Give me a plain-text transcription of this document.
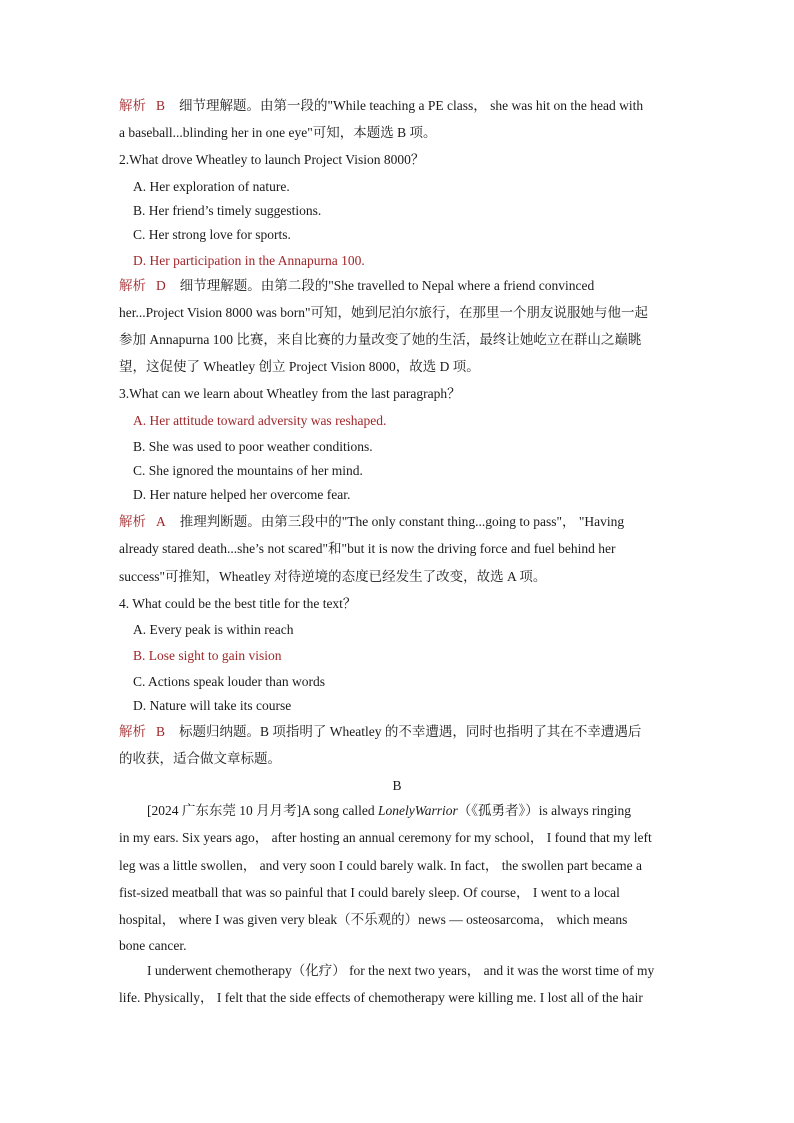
解析 B 细节理解题。由第一段的"While teaching a PE class， she was hit on the head with
a baseball...blinding her in one eye"可知，本题选 B 项。
2.What drove Wheatley to launch Project Vision 8000？
A. Her exploration of nature.
B. Her friend’s timely suggestions.
C. Her strong love for sports.
D. Her participation in the Annapurna 100.
解析 D 细节理解题。由第二段的"She travelled to Nepal where a friend convinced
her...Project Vision 8000 was born"可知，她到尼泊尔旅行，在那里一个朋友说服她与他一起
参加 Annapurna 100 比赛，来自比赛的力量改变了她的生活，最终让她屹立在群山之巅眺
望，这促使了 Wheatley 创立 Project Vision 8000，故选 D 项。
3.What can we learn about Wheatley from the last paragraph？
A. Her attitude toward adversity was reshaped.
B. She was used to poor weather conditions.
C. She ignored the mountains of her mind.
D. Her nature helped her overcome fear.
解析 A 推理判断题。由第三段中的"The only constant thing...going to pass"， "Having
already stared death...she’s not scared"和"but it is now the driving force and fuel behind her
success"可推知，Wheatley 对待逆境的态度已经发生了改变，故选 A 项。
4. What could be the best title for the text？
A. Every peak is within reach
B. Lose sight to gain vision
C. Actions speak louder than words
D. Nature will take its course
解析 B 标题归纳题。B 项指明了 Wheatley 的不幸遭遇，同时也指明了其在不幸遭遇后
的收获，适合做文章标题。
B
[2024 广东东莞 10 月月考]A song called LonelyWarrior（《孤勇者》）is always ringing
in my ears. Six years ago， after hosting an annual ceremony for my school， I found that my left
leg was a little swollen， and very soon I could barely walk. In fact， the swollen part became a
fist-sized meatball that was so painful that I could barely sleep. Of course， I went to a local
hospital， where I was given very bleak（不乐观的）news — osteosarcoma， which means
bone cancer.
I underwent chemotherapy（化疗） for the next two years， and it was the worst time of my
life. Physically， I felt that the side effects of chemotherapy were killing me. I lost all of the hair
